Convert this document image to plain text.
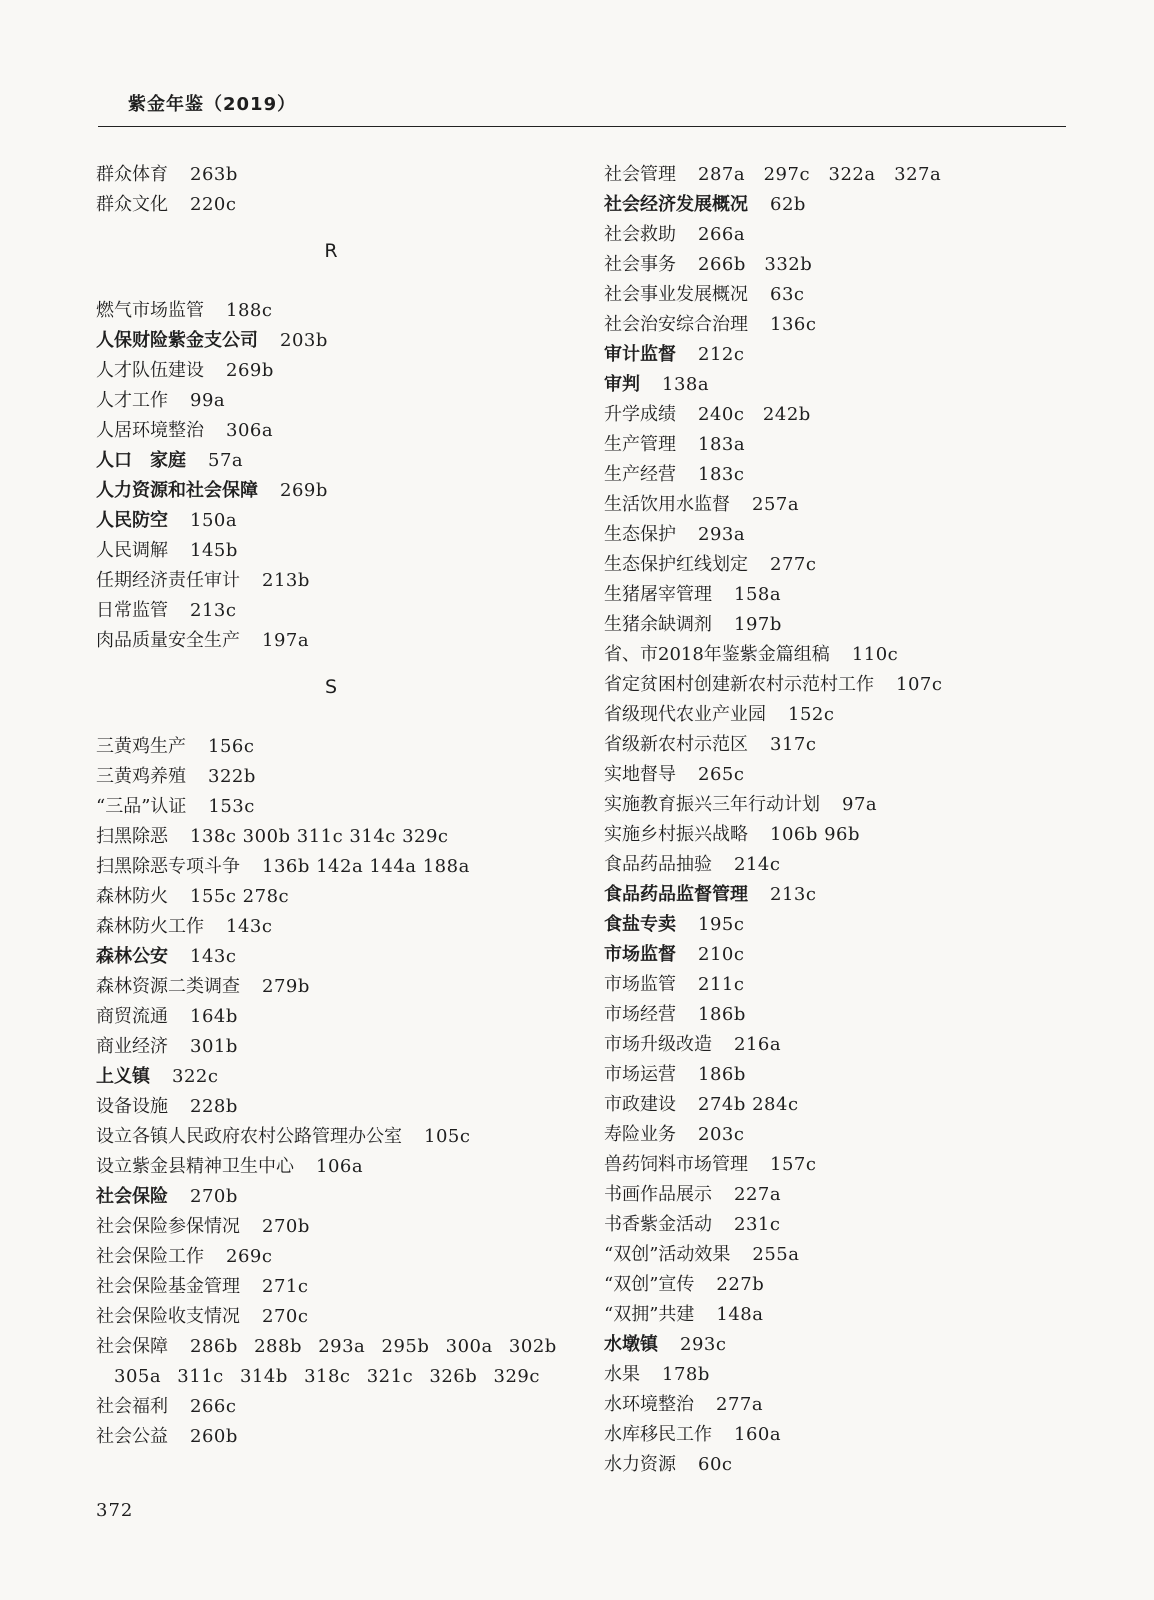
紫金年鉴（2019）
群众体育 263b
群众文化 220c
R
燃气市场监管 188c
人保财险紫金支公司 203b
人才队伍建设 269b
人才工作 99a
人居环境整治 306a
人口　家庭 57a
人力资源和社会保障 269b
人民防空 150a
人民调解 145b
任期经济责任审计 213b
日常监管 213c
肉品质量安全生产 197a
S
三黄鸡生产 156c
三黄鸡养殖 322b
“三品”认证 153c
扫黑除恶 138c 300b 311c 314c 329c
扫黑除恶专项斗争 136b 142a 144a 188a
森林防火 155c 278c
森林防火工作 143c
森林公安 143c
森林资源二类调查 279b
商贸流通 164b
商业经济 301b
上义镇 322c
设备设施 228b
设立各镇人民政府农村公路管理办公室 105c
设立紫金县精神卫生中心 106a
社会保险 270b
社会保险参保情况 270b
社会保险工作 269c
社会保险基金管理 271c
社会保险收支情况 270c
社会保障 286b 288b 293a 295b 300a 302b
305a 311c 314b 318c 321c 326b 329c
社会福利 266c
社会公益 260b
社会管理 287a　297c　322a　327a
社会经济发展概况 62b
社会救助 266a
社会事务 266b　332b
社会事业发展概况 63c
社会治安综合治理 136c
审计监督 212c
审判 138a
升学成绩 240c　242b
生产管理 183a
生产经营 183c
生活饮用水监督 257a
生态保护 293a
生态保护红线划定 277c
生猪屠宰管理 158a
生猪余缺调剂 197b
省、市2018年鉴紫金篇组稿 110c
省定贫困村创建新农村示范村工作 107c
省级现代农业产业园 152c
省级新农村示范区 317c
实地督导 265c
实施教育振兴三年行动计划 97a
实施乡村振兴战略 106b 96b
食品药品抽验 214c
食品药品监督管理 213c
食盐专卖 195c
市场监督 210c
市场监管 211c
市场经营 186b
市场升级改造 216a
市场运营 186b
市政建设 274b 284c
寿险业务 203c
兽药饲料市场管理 157c
书画作品展示 227a
书香紫金活动 231c
“双创”活动效果 255a
“双创”宣传 227b
“双拥”共建 148a
水墩镇 293c
水果 178b
水环境整治 277a
水库移民工作 160a
水力资源 60c
372
